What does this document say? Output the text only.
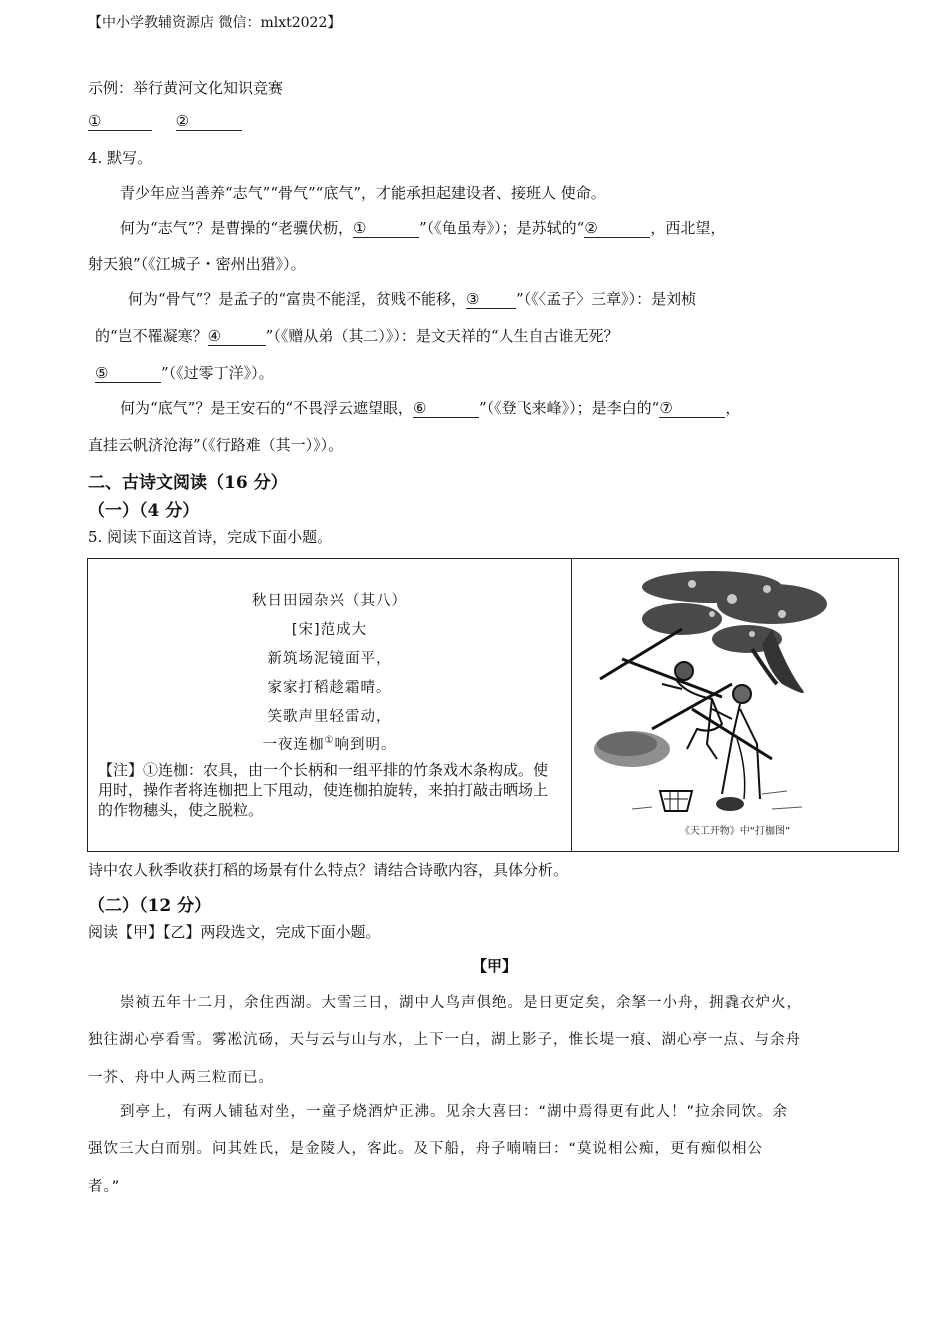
【中小学教辅资源店 微信：mlxt2022】
示例：举行黄河文化知识竞赛
①	②
4. 默写。
青少年应当善养“志气”“骨气”“底气”，才能承担起建设者、接班人 使命。
何为“志气”？是曹操的“老骥伏枥，①	”（《龟虽寿》）；是苏轼的“②	，西北望，
射天狼”（《江城子・密州出猎》）。
何为“骨气”？是孟子的“富贵不能淫，贫贱不能移，③ ”（《〈孟子〉三章》）：是刘桢
的“岂不罹凝寒？④	”（《赠从弟（其二）》）：是文天祥的“人生自古谁无死？
⑤	”（《过零丁洋》）。
何为“底气”？是王安石的“不畏浮云遮望眼，⑥	”（《登飞来峰》）；是李白的“⑦	，
直挂云帆济沧海”（《行路难（其一）》）。
二、古诗文阅读（16 分）
（一）（4 分）
5. 阅读下面这首诗，完成下面小题。
秋日田园杂兴（其八）
[宋]范成大
新筑场泥镜面平，
家家打稻趁霜晴。
笑歌声里轻雷动，
一夜连枷①响到明。
【注】①连枷：农具，由一个长柄和一组平排的竹条戏木条构成。使用时，操作者将连枷把上下甩动，使连枷拍旋转，来拍打敲击晒场上的作物穗头，使之脱粒。
《天工开物》中“打枷图”
诗中农人秋季收获打稻的场景有什么特点？请结合诗歌内容，具体分析。
（二）（12 分）
阅读【甲】【乙】两段选文，完成下面小题。
【甲】
崇祯五年十二月，余住西湖。大雪三日，湖中人鸟声俱绝。是日更定矣，余拏一小舟，拥毳衣炉火，
独往湖心亭看雪。雾凇沆砀，天与云与山与水，上下一白，湖上影子，惟长堤一痕、湖心亭一点、与余舟
一芥、舟中人两三粒而已。
到亭上，有两人铺毡对坐，一童子烧酒炉正沸。见余大喜曰：“湖中焉得更有此人！”拉余同饮。余
强饮三大白而别。问其姓氏，是金陵人，客此。及下船，舟子喃喃曰：“莫说相公痴，更有痴似相公
者。”
